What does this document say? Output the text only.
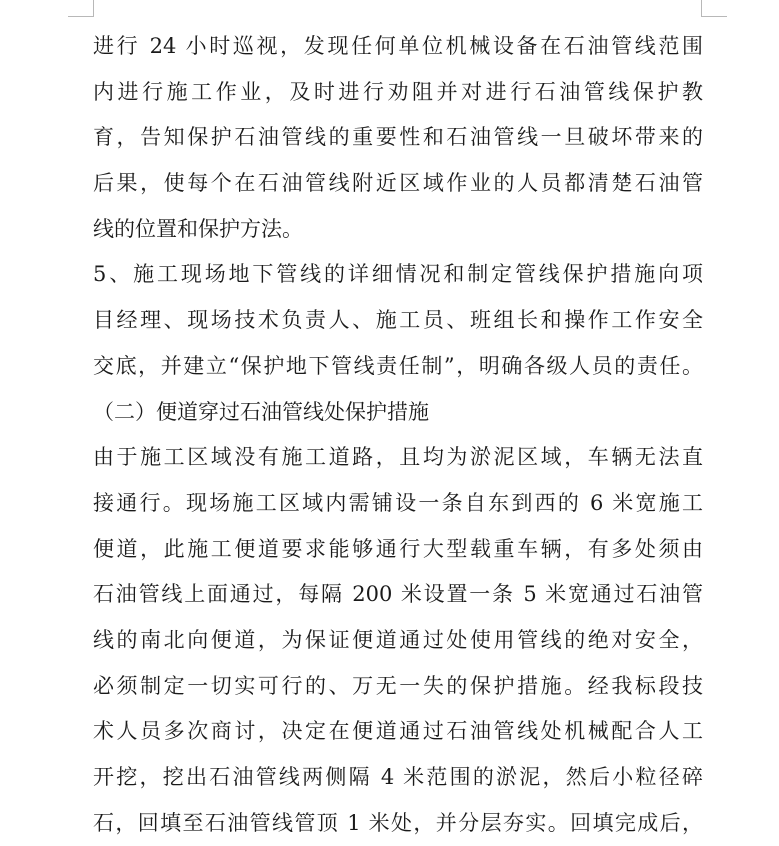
进行 24 小时巡视，发现任何单位机械设备在石油管线范围
内进行施工作业，及时进行劝阻并对进行石油管线保护教
育，告知保护石油管线的重要性和石油管线一旦破坏带来的
后果，使每个在石油管线附近区域作业的人员都清楚石油管
线的位置和保护方法。
5、施工现场地下管线的详细情况和制定管线保护措施向项
目经理、现场技术负责人、施工员、班组长和操作工作安全
交底，并建立“保护地下管线责任制”，明确各级人员的责任。
（二）便道穿过石油管线处保护措施
由于施工区域没有施工道路，且均为淤泥区域，车辆无法直
接通行。现场施工区域内需铺设一条自东到西的 6 米宽施工
便道，此施工便道要求能够通行大型载重车辆，有多处须由
石油管线上面通过，每隔 200 米设置一条 5 米宽通过石油管
线的南北向便道，为保证便道通过处使用管线的绝对安全，
必须制定一切实可行的、万无一失的保护措施。经我标段技
术人员多次商讨，决定在便道通过石油管线处机械配合人工
开挖，挖出石油管线两侧隔 4 米范围的淤泥，然后小粒径碎
石，回填至石油管线管顶 1 米处，并分层夯实。回填完成后，
